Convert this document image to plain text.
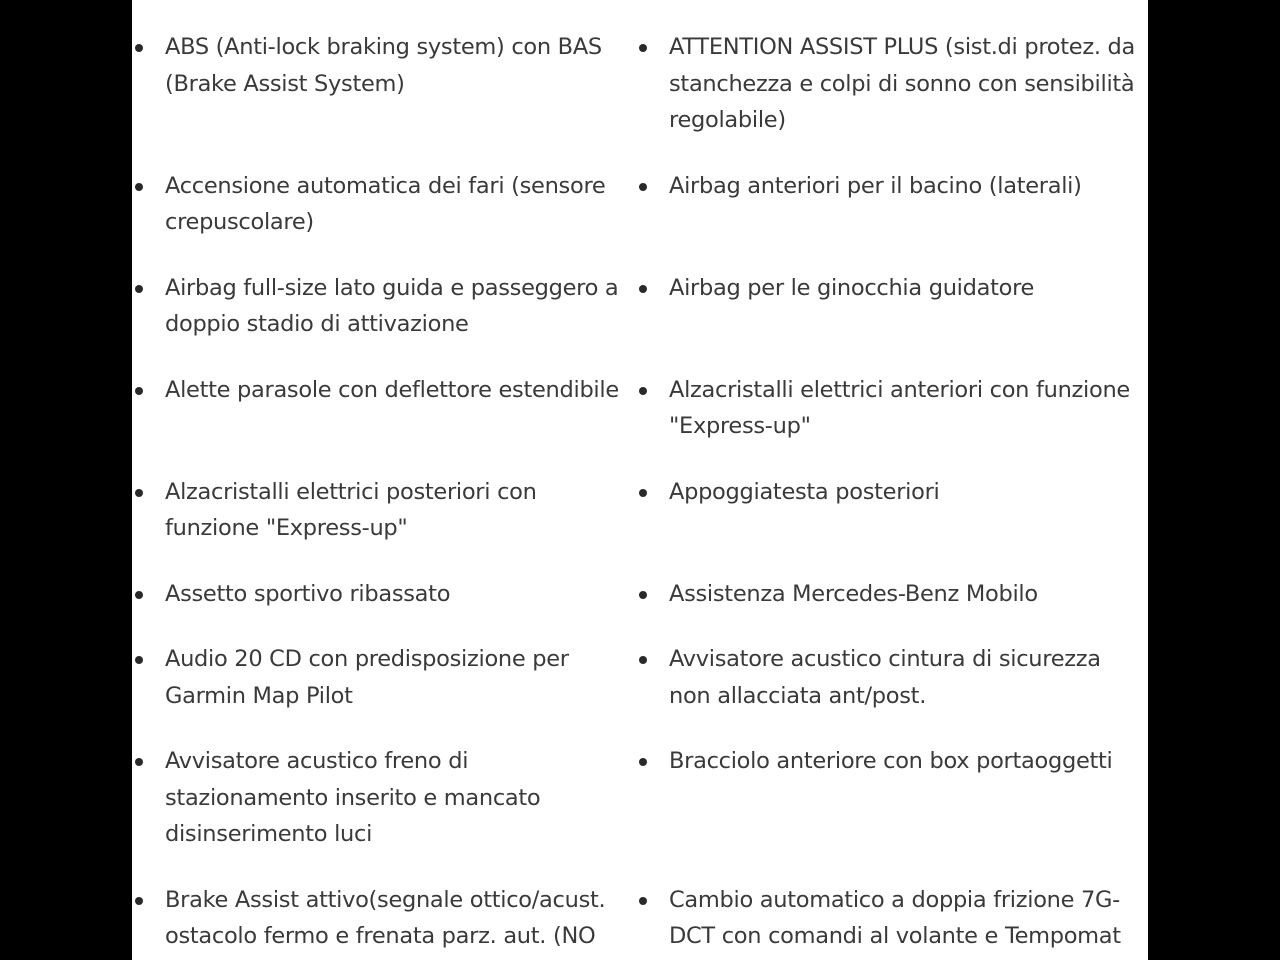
ABS (Anti-lock braking system) con BAS (Brake Assist System)
ATTENTION ASSIST PLUS (sist.di protez. da stanchezza e colpi di sonno con sensibilità regolabile)
Accensione automatica dei fari (sensore crepuscolare)
Airbag anteriori per il bacino (laterali)
Airbag full-size lato guida e passeggero a doppio stadio di attivazione
Airbag per le ginocchia guidatore
Alette parasole con deflettore estendibile	Alzacristalli elettrici anteriori con funzione "Express-up"
Alzacristalli elettrici posteriori con funzione "Express-up"
Appoggiatesta posteriori
Assetto sportivo ribassato	Assistenza Mercedes-Benz Mobilo
Audio 20 CD con predisposizione per Garmin Map Pilot
Avvisatore acustico cintura di sicurezza non allacciata ant/post.
Avvisatore acustico freno di stazionamento inserito e mancato disinserimento luci
Bracciolo anteriore con box portaoggetti
Brake Assist attivo(segnale ottico/acust. ostacolo fermo e frenata parz. aut. (NO
Cambio automatico a doppia frizione 7G-DCT con comandi al volante e Tempomat
